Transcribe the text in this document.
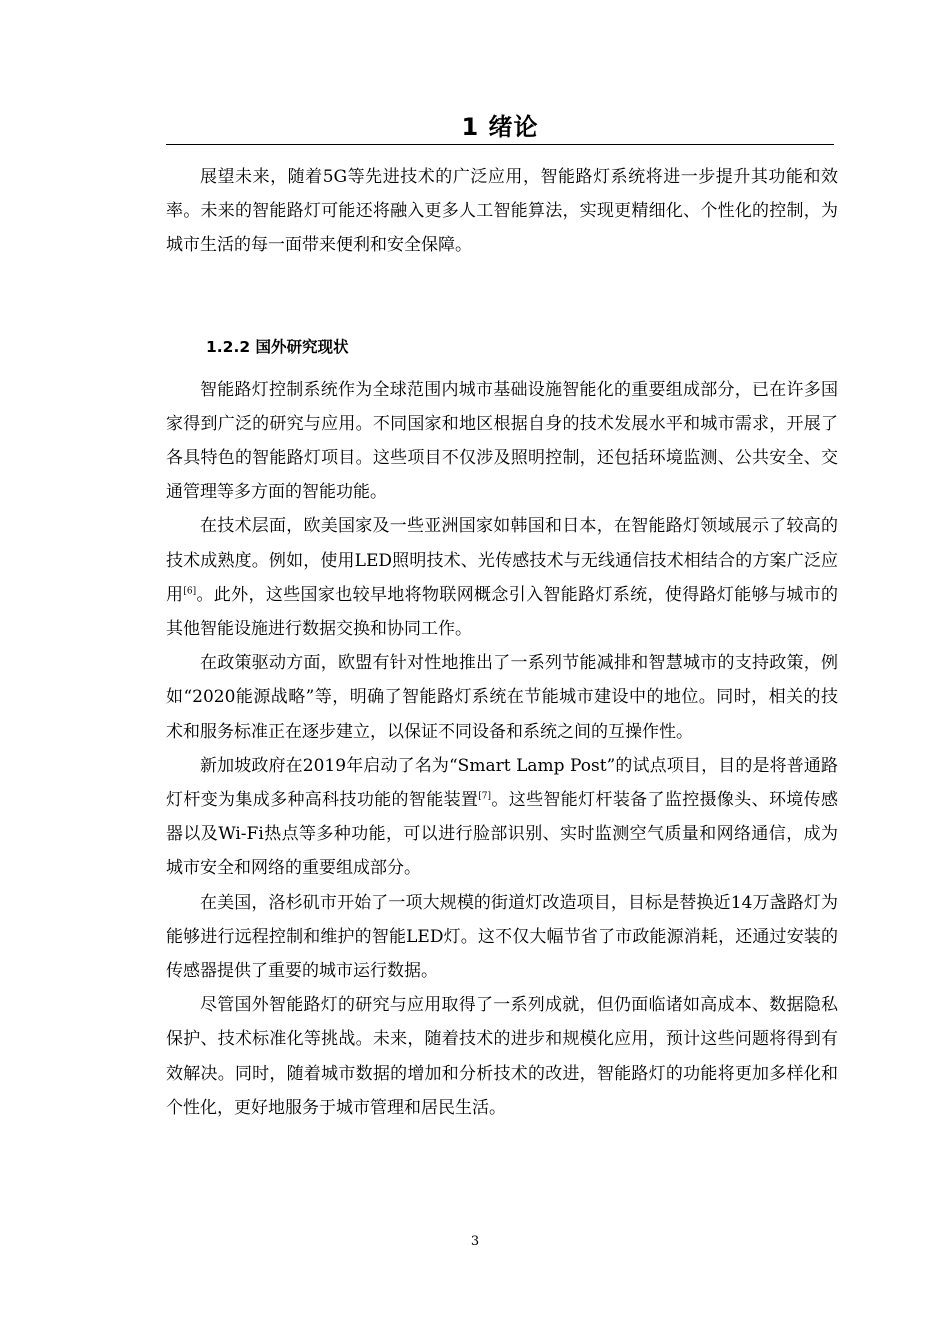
1 绪论

展望未来，随着5G等先进技术的广泛应用，智能路灯系统将进一步提升其功能和效率。未来的智能路灯可能还将融入更多人工智能算法，实现更精细化、个性化的控制，为城市生活的每一面带来便利和安全保障。

1.2.2 国外研究现状

智能路灯控制系统作为全球范围内城市基础设施智能化的重要组成部分，已在许多国家得到广泛的研究与应用。不同国家和地区根据自身的技术发展水平和城市需求，开展了各具特色的智能路灯项目。这些项目不仅涉及照明控制，还包括环境监测、公共安全、交通管理等多方面的智能功能。

在技术层面，欧美国家及一些亚洲国家如韩国和日本，在智能路灯领域展示了较高的技术成熟度。例如，使用LED照明技术、光传感技术与无线通信技术相结合的方案广泛应用[6]。此外，这些国家也较早地将物联网概念引入智能路灯系统，使得路灯能够与城市的其他智能设施进行数据交换和协同工作。

在政策驱动方面，欧盟有针对性地推出了一系列节能减排和智慧城市的支持政策，例如“2020能源战略”等，明确了智能路灯系统在节能城市建设中的地位。同时，相关的技术和服务标准正在逐步建立，以保证不同设备和系统之间的互操作性。

新加坡政府在2019年启动了名为“Smart Lamp Post”的试点项目，目的是将普通路灯杆变为集成多种高科技功能的智能装置[7]。这些智能灯杆装备了监控摄像头、环境传感器以及Wi-Fi热点等多种功能，可以进行脸部识别、实时监测空气质量和网络通信，成为城市安全和网络的重要组成部分。

在美国，洛杉矶市开始了一项大规模的街道灯改造项目，目标是替换近14万盏路灯为能够进行远程控制和维护的智能LED灯。这不仅大幅节省了市政能源消耗，还通过安装的传感器提供了重要的城市运行数据。

尽管国外智能路灯的研究与应用取得了一系列成就，但仍面临诸如高成本、数据隐私保护、技术标准化等挑战。未来，随着技术的进步和规模化应用，预计这些问题将得到有效解决。同时，随着城市数据的增加和分析技术的改进，智能路灯的功能将更加多样化和个性化，更好地服务于城市管理和居民生活。

3
